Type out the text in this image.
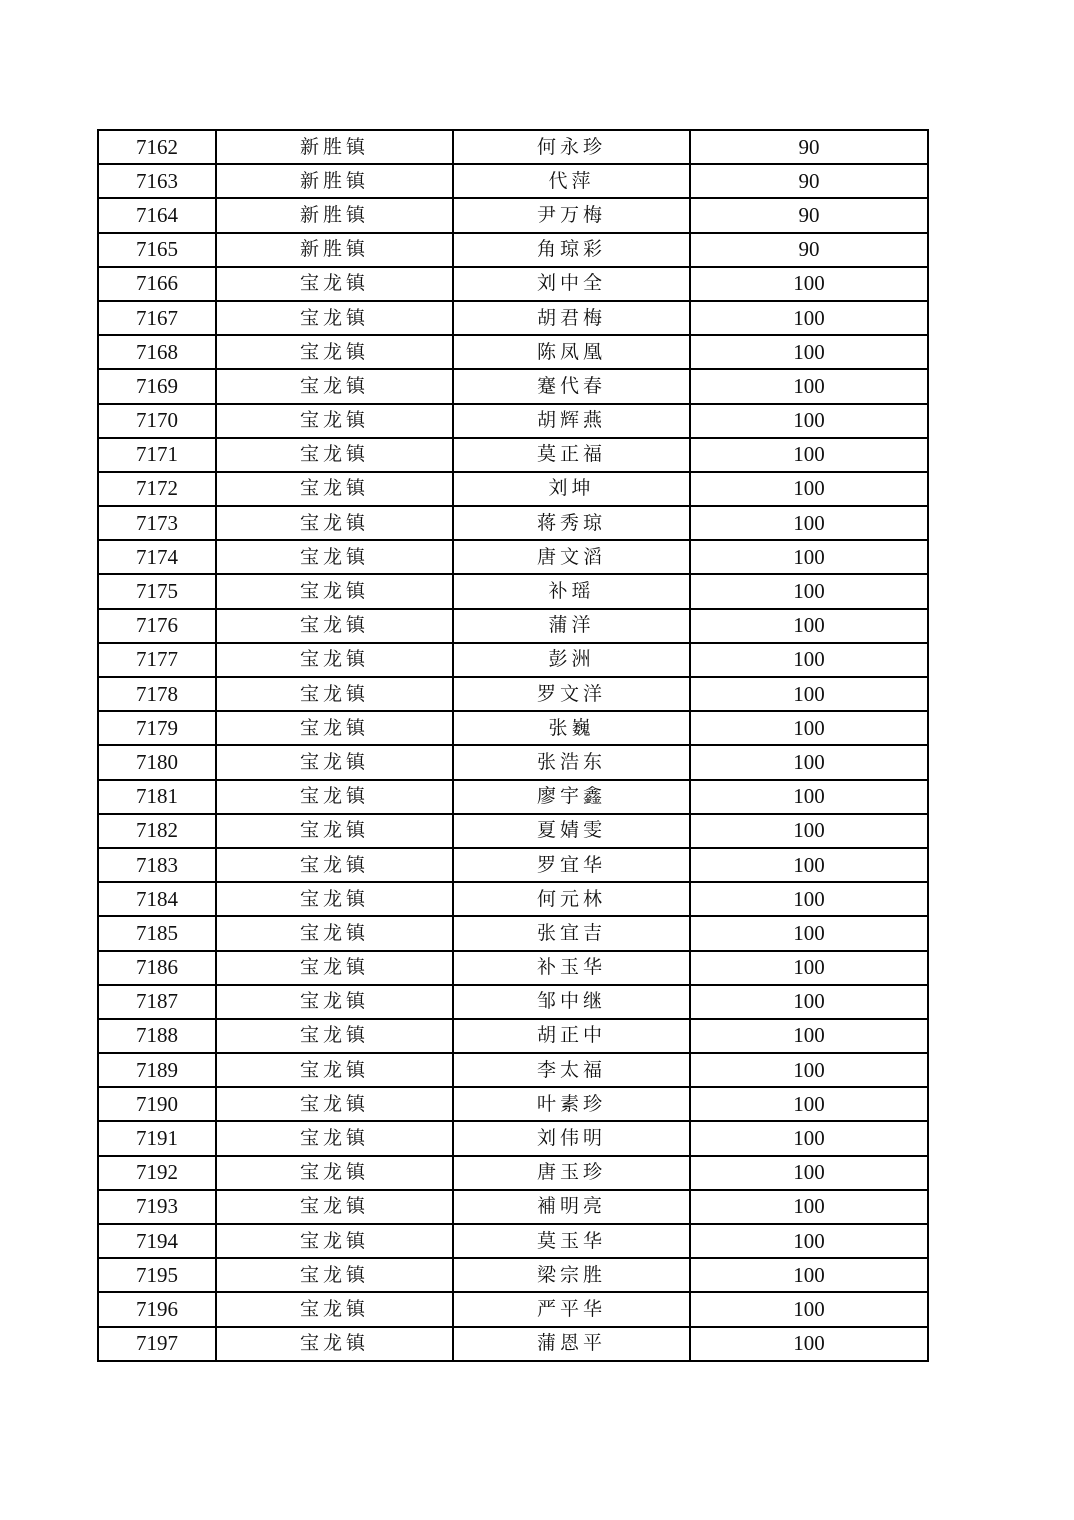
7162	新胜镇	何永珍	90
7163	新胜镇	代萍	90
7164	新胜镇	尹万梅	90
7165	新胜镇	角琼彩	90
7166	宝龙镇	刘中全	100
7167	宝龙镇	胡君梅	100
7168	宝龙镇	陈凤凰	100
7169	宝龙镇	蹇代春	100
7170	宝龙镇	胡辉燕	100
7171	宝龙镇	莫正福	100
7172	宝龙镇	刘坤	100
7173	宝龙镇	蒋秀琼	100
7174	宝龙镇	唐文滔	100
7175	宝龙镇	补瑶	100
7176	宝龙镇	蒲洋	100
7177	宝龙镇	彭洲	100
7178	宝龙镇	罗文洋	100
7179	宝龙镇	张巍	100
7180	宝龙镇	张浩东	100
7181	宝龙镇	廖宇鑫	100
7182	宝龙镇	夏婧雯	100
7183	宝龙镇	罗宜华	100
7184	宝龙镇	何元林	100
7185	宝龙镇	张宜吉	100
7186	宝龙镇	补玉华	100
7187	宝龙镇	邹中继	100
7188	宝龙镇	胡正中	100
7189	宝龙镇	李太福	100
7190	宝龙镇	叶素珍	100
7191	宝龙镇	刘伟明	100
7192	宝龙镇	唐玉珍	100
7193	宝龙镇	補明亮	100
7194	宝龙镇	莫玉华	100
7195	宝龙镇	梁宗胜	100
7196	宝龙镇	严平华	100
7197	宝龙镇	蒲恩平	100
